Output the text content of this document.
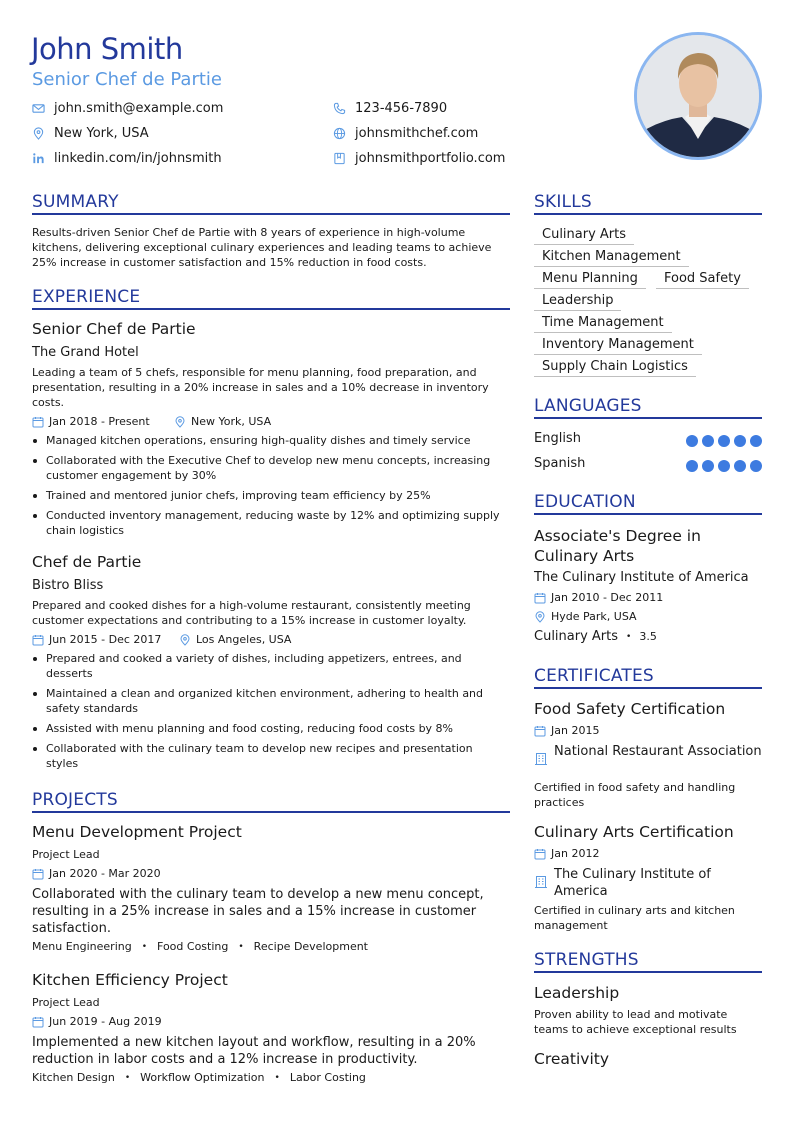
John Smith
Senior Chef de Partie
john.smith@example.com	123-456-7890
New York, USA	johnsmithchef.com
linkedin.com/in/johnsmith	johnsmithportfolio.com
SUMMARY
Results-driven Senior Chef de Partie with 8 years of experience in high-volume kitchens, delivering exceptional culinary experiences and leading teams to achieve 25% increase in customer satisfaction and 15% reduction in food costs.
EXPERIENCE
Senior Chef de Partie
The Grand Hotel
Leading a team of 5 chefs, responsible for menu planning, food preparation, and presentation, resulting in a 20% increase in sales and a 10% decrease in inventory costs.
Jan 2018 - Present	New York, USA
Managed kitchen operations, ensuring high-quality dishes and timely service
Collaborated with the Executive Chef to develop new menu concepts, increasing customer engagement by 30%
Trained and mentored junior chefs, improving team efficiency by 25%
Conducted inventory management, reducing waste by 12% and optimizing supply chain logistics
Chef de Partie
Bistro Bliss
Prepared and cooked dishes for a high-volume restaurant, consistently meeting customer expectations and contributing to a 15% increase in customer loyalty.
Jun 2015 - Dec 2017	Los Angeles, USA
Prepared and cooked a variety of dishes, including appetizers, entrees, and desserts
Maintained a clean and organized kitchen environment, adhering to health and safety standards
Assisted with menu planning and food costing, reducing food costs by 8%
Collaborated with the culinary team to develop new recipes and presentation styles
PROJECTS
Menu Development Project
Project Lead
Jan 2020 - Mar 2020
Collaborated with the culinary team to develop a new menu concept, resulting in a 25% increase in sales and a 15% increase in customer satisfaction.
Menu Engineering • Food Costing • Recipe Development
Kitchen Efficiency Project
Project Lead
Jun 2019 - Aug 2019
Implemented a new kitchen layout and workflow, resulting in a 20% reduction in labor costs and a 12% increase in productivity.
Kitchen Design • Workflow Optimization • Labor Costing
SKILLS
Culinary Arts
Kitchen Management
Menu Planning	Food Safety
Leadership
Time Management
Inventory Management
Supply Chain Logistics
LANGUAGES
English
Spanish
EDUCATION
Associate's Degree in Culinary Arts
The Culinary Institute of America
Jan 2010 - Dec 2011
Hyde Park, USA
Culinary Arts • 3.5
CERTIFICATES
Food Safety Certification
Jan 2015
National Restaurant Association
Certified in food safety and handling practices
Culinary Arts Certification
Jan 2012
The Culinary Institute of America
Certified in culinary arts and kitchen management
STRENGTHS
Leadership
Proven ability to lead and motivate teams to achieve exceptional results
Creativity
